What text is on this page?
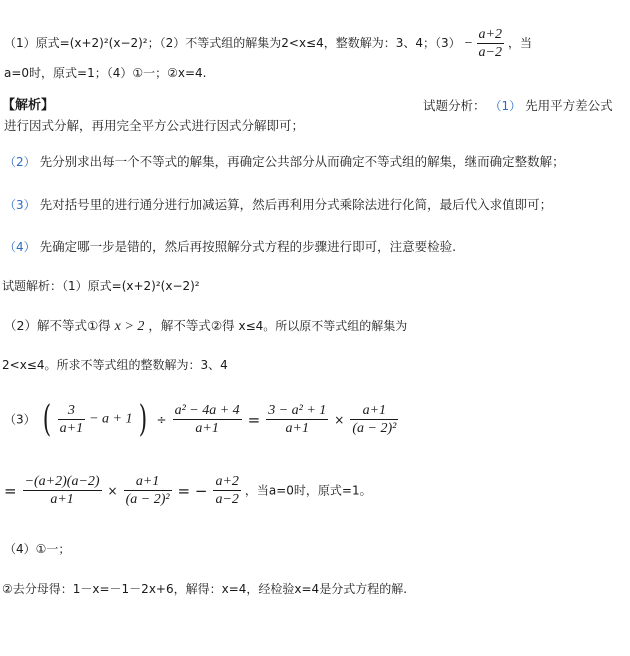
（1）原式=(x+2)²(x−2)²；（2）不等式组的解集为2<x≤4，整数解为：3、4；$(3) - \frac{a+2}{a-2}$ ，当
a=0时，原式=1；（4）①一；②x=4.
【解析】	试题分析： （1） 先用平方差公式
进行因式分解，再用完全平方公式进行因式分解即可；
（2） 先分别求出每一个不等式的解集，再确定公共部分从而确定不等式组的解集，继而确定整数解；
（3） 先对括号里的进行通分进行加减运算，然后再利用分式乘除法进行化简，最后代入求值即可；
（4） 先确定哪一步是错的，然后再按照解分式方程的步骤进行即可，注意要检验.
试题解析：（1）原式=(x+2)²(x−2)²
（2）解不等式①得 x > 2 ，解不等式②得 x≤4。所以原不等式组的解集为
2<x≤4。所求不等式组的整数解为：3、4
（3） ( $\frac{3}{a+1} - a + 1$ ) ÷ $\frac{\text{a² − 4a + 4}}{a+1} = \frac{\text{3 − a² + 1}}{a+1} \times \frac{a+1}{\text{(a − 2)²}}$
= $\frac{-(a+2)(a-2)}{a+1} \times \frac{a+1}{\text{(a − 2)²}}$ = − $\frac{a+2}{a-2}$ ，当a=0时，原式=1。
（4）①一；
②去分母得：1－x=－1－2x+6，解得：x=4，经检验x=4是分式方程的解.
